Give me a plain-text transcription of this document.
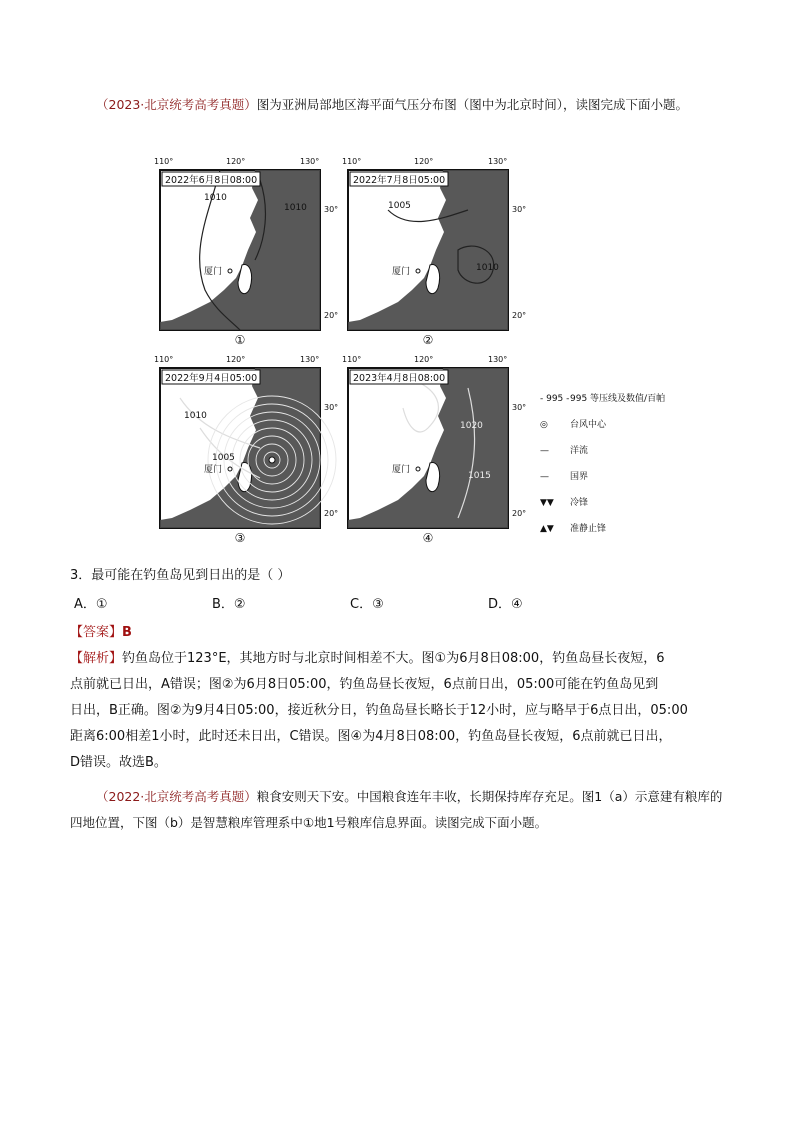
（2023·北京统考高考真题）图为亚洲局部地区海平面气压分布图（图中为北京时间），读图完成下面小题。
1010
1010
厦门
2022年6月8日08:00
30°
20°
110°	120°	130°
①
1005
1010
厦门
2022年7月8日05:00
30°
20°
110°	120°	130°
②
1010
1005
厦门
2022年9月4日05:00
30°
20°
110°	120°	130°
③
1020
1015
厦门
2023年4月8日08:00
30°
20°
110°	120°	130°
④
- 995 -995 等压线及数值/百帕
◎ 台风中心
— 洋流
— 国界
▼▼ 冷锋
▲▼ 准静止锋
3．最可能在钓鱼岛见到日出的是（ ）
A．①	B．②	C．③	D．④
【答案】B
【解析】钓鱼岛位于123°E，其地方时与北京时间相差不大。图①为6月8日08:00，钓鱼岛昼长夜短，6
点前就已日出，A错误；图②为6月8日05:00，钓鱼岛昼长夜短，6点前日出，05:00可能在钓鱼岛见到
日出，B正确。图②为9月4日05:00，接近秋分日，钓鱼岛昼长略长于12小时，应与略早于6点日出，05:00
距离6:00相差1小时，此时还未日出，C错误。图④为4月8日08:00，钓鱼岛昼长夜短，6点前就已日出，
D错误。故选B。
（2022·北京统考高考真题）粮食安则天下安。中国粮食连年丰收，长期保持库存充足。图1（a）示意建有粮库的四地位置，下图（b）是智慧粮库管理系中①地1号粮库信息界面。读图完成下面小题。
